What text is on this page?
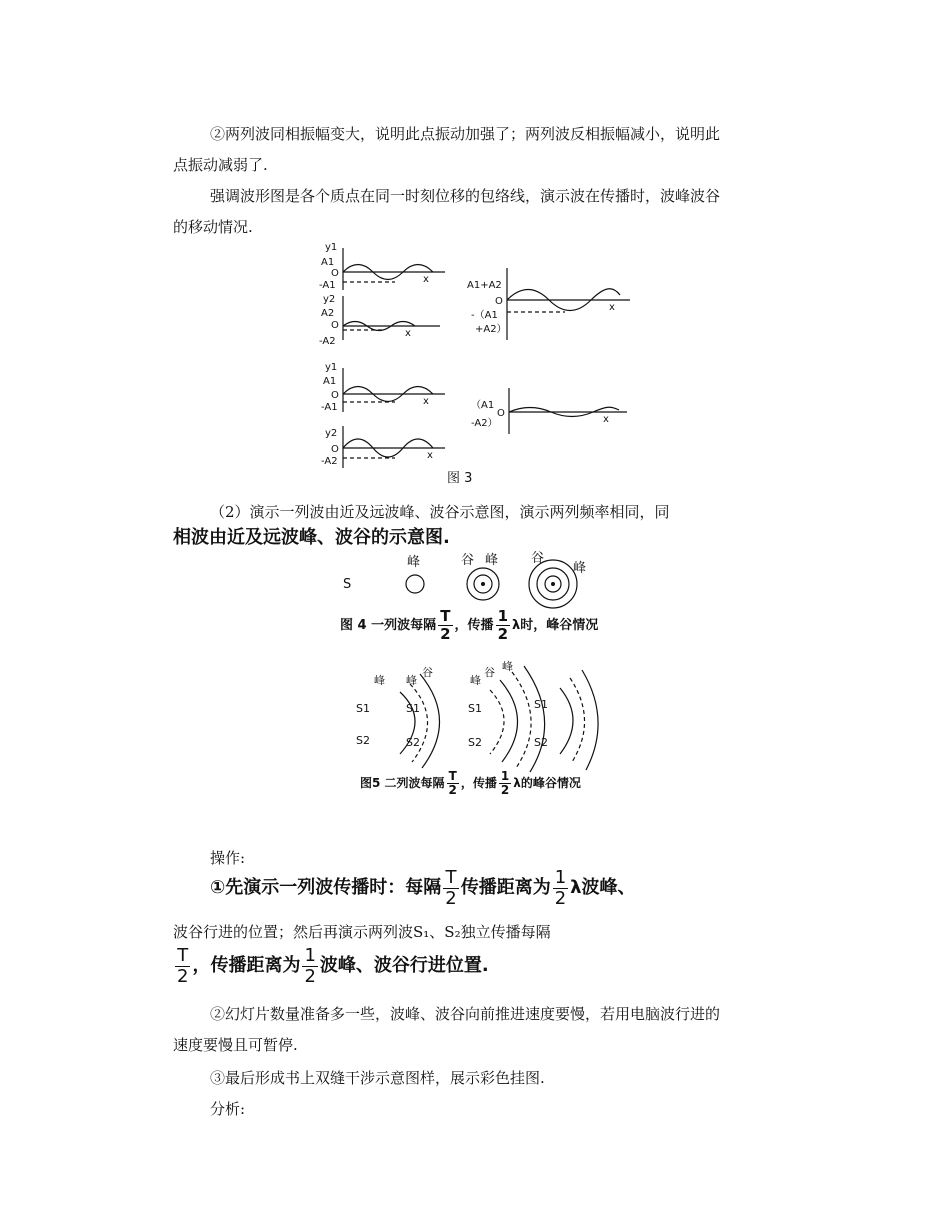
②两列波同相振幅变大，说明此点振动加强了；两列波反相振幅减小，说明此
点振动减弱了.
强调波形图是各个质点在同一时刻位移的包络线，演示波在传播时，波峰波谷
的移动情况.
y1
A1
O
-A1
x
y2
A2
O
-A2
x
A1+A2
O
-（A1
+A2）
x
y1
A1
O
-A1
x
y2
O
-A2
x
（A1
O
-A2）	x
图 3
（2）演示一列波由近及远波峰、波谷示意图，演示两列频率相同，同
相波由近及远波峰、波谷的示意图.
S
峰	谷 峰	谷
峰
图 4 一列波每隔 $\frac{T}{2}$ ，传播 $\frac{1}{2}$ λ时，峰谷情况
峰 峰
谷
峰
谷 峰
S1
S2
S1
S2
S1
S2
S1
S2
图5 二列波每隔 $\frac{T}{2}$ ，传播 $\frac{1}{2}$ λ的峰谷情况
操作:
①先演示一列波传播时：每隔 $\frac{T}{2}$ 传播距离为 $\frac{1}{2}$ λ波峰、
波谷行进的位置；然后再演示两列波S₁、S₂独立传播每隔
$\frac{T}{2}$ ，传播距离为 $\frac{1}{2}$ 波峰、波谷行进位置.
②幻灯片数量准备多一些，波峰、波谷向前推进速度要慢，若用电脑波行进的
速度要慢且可暂停.
③最后形成书上双缝干涉示意图样，展示彩色挂图.
分析:
